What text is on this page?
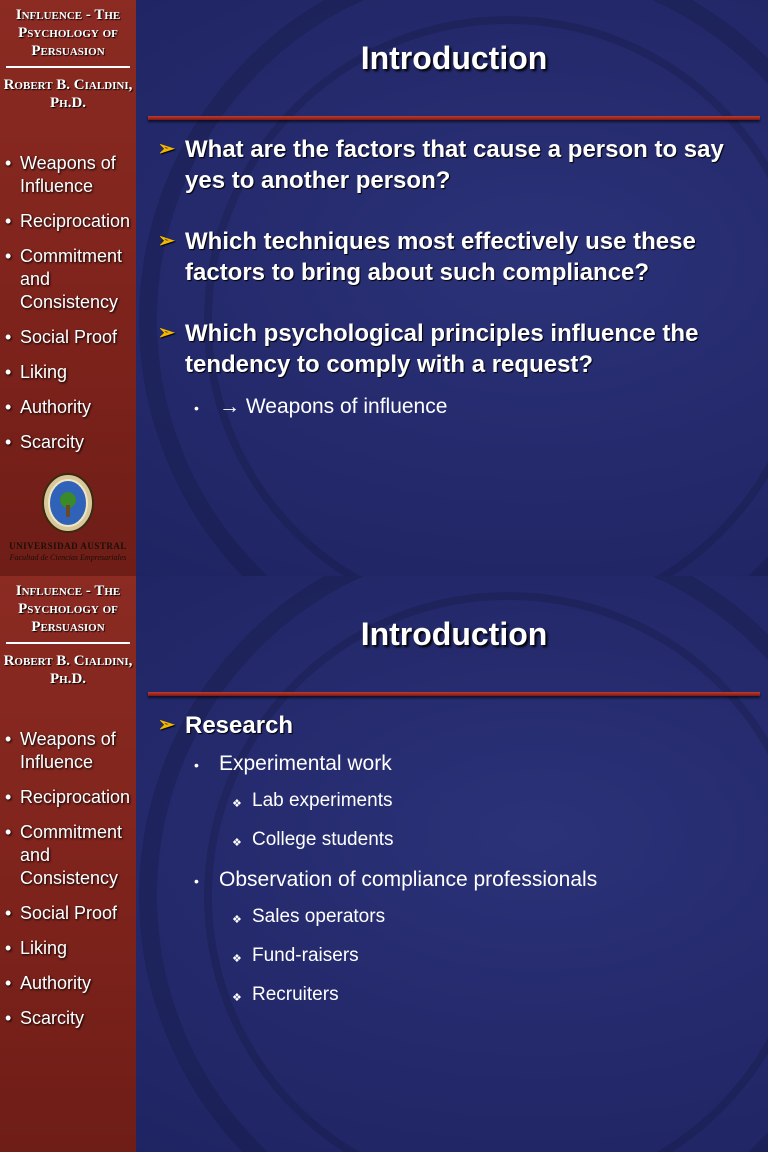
Influence - The Psychology of Persuasion
Robert B. Cialdini, Ph.D.
• Weapons of Influence
• Reciprocation
• Commitment and Consistency
• Social Proof
• Liking
• Authority
• Scarcity
UNIVERSIDAD AUSTRAL
Facultad de Ciencias Empresariales
Introduction
➢ What are the factors that cause a person to say yes to another person?
➢ Which techniques most effectively use these factors to bring about such compliance?
➢ Which psychological principles influence the tendency to comply with a request?
• → Weapons of influence
Influence - The Psychology of Persuasion
Robert B. Cialdini, Ph.D.
• Weapons of Influence
• Reciprocation
• Commitment and Consistency
• Social Proof
• Liking
• Authority
• Scarcity
Introduction
➢ Research
• Experimental work
❖ Lab experiments
❖ College students
• Observation of compliance professionals
❖ Sales operators
❖ Fund-raisers
❖ Recruiters
